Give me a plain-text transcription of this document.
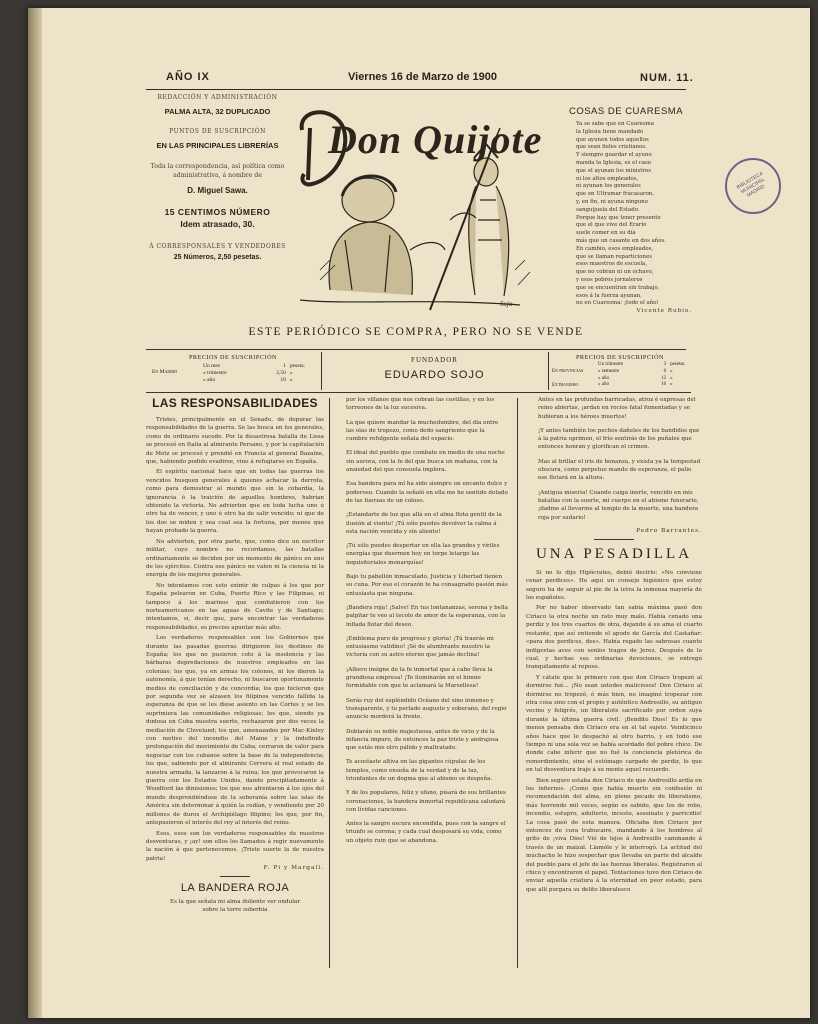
AÑO IX	Viernes 16 de Marzo de 1900	NUM. 11.
REDACCIÓN Y ADMINISTRACIÓN
PALMA ALTA, 32 DUPLICADO
PUNTOS DE SUSCRIPCIÓN
EN LAS PRINCIPALES LIBRERÍAS
Toda la correspondencia, así política como administrativa, á nombre de
D. Miguel Sawa.
15 CENTIMOS NÚMERO
Idem atrasado, 30.
Á CORRESPONSALES Y VENDEDORES
25 Números, 2,50 pesetas.
Don Quijote
Sojo
COSAS DE CUARESMA
Ya se sabe que en Cuaresma
la Iglesia tiene mandado
que ayunen todos aquellos
que sean fieles cristianos.
Y siempre guardar el ayuno
manda la Iglesia, es el caso
que el ayunan los ministros
ni los altos empleados,
ni ayunan los generales
que en Ultramar fracasaron,
y, en fin, ni ayuna ninguno
sanguijuela del Estado.
Porque hay que tener presente
que el que vive del Erario
suele comer en su día
más que un casante en dos años.
En cambio, esos empleados,
que se llaman reparticiones
esos maestros de escuela,
que no cobran ni un ochavo,
y esos pobres jornaleros
que se encuentran sin trabajo,
esos á la fuerza ayunan,
no en Cuaresma: ¡todo el año!
Vicente Rubio.
BIBLIOTECA MUNICIPAL MADRID
ESTE PERIÓDICO SE COMPRA, PERO NO SE VENDE
PRECIOS DE SUSCRIPCIÓN
En Madrid
Un mes	1 peseta.
» trimestre	2,50 »
» año	10 »
FUNDADOR
EDUARDO SOJO
PRECIOS DE SUSCRIPCIÓN
En provincias
Extranjero
Un trimestre	3 pesetas
» semestre	6 »
» año	12 »
» año	16 »
LAS RESPONSABILIDADES

Tristes, principalmente en el Senado, de depurar las responsabilidades de la guerra. Se las busca en los generales, como de ordinario sucede. Por la desastrosa batalla de Lissa se procesó en Italia al almirante Persano, y por la capitulación de Metz se procesó y prendió en Francia al general Bazaine, que, habiendo podido evadirse, vino á refugiarse en España.

El espíritu nacional hace que en todas las guerras los vencidos busquen generales á quienes achacar la derrota, como para demostrar al mundo que sin la cobardía, la ignorancia ó la traición de aquellos hombres, habrían obtenido la victoria. No advierten que en toda lucha uno ú otro ha de vencer, y uno ú otro ha de salir vencido; ni que de los dos se miden y sea cual sea la fortuna, por menos que hayan probado la guerra.

No advierten, por otra parte, que, como dice un escritor militar, cuyo nombre no recordamos, las batallas ordinariamente se deciden por un momento de pánico en uno de los ejércitos. Contra ese pánico no valen ni la ciencia ni la energía de los mejores generales.

No intentamos con esto eximir de culpas á los que por España pelearon en Cuba, Puerto Rico y las Filipinas, ni tampoco á los marinos que combatieron con los norteamericanos en las aguas de Cavite y de Santiago; intentamos, sí, decir que, para encontrar las verdaderas responsabilidades, es preciso apuntar más alto.

Los verdaderos responsables son los Gobiernos que durante las pasadas guerras dirigieron los destinos de España; los que no pusieron coto á la insolencia y las bárbaras depredaciones de nuestros empleados en las colonias; los que, ya en armas los colonos, ni los dieron la autonomía, á que tenían derecho, ni buscaron oportunamente medios de conciliación y de concordia; los que hicieron que por segunda vez se alzasen los filipinos vencido fallida la esperanza de que se les diese asiento en las Cortes y se les suprimiera las comunidades religiosas; los que, siendo ya dudosa en Cuba nuestra suerte, rechazaron por dos veces la mediación de Cleveland; los que, amenazados por Mac-Kinley con motivo del incendio del Maine y la indefinida prolongación del movimiento de Cuba, cerraron de valor para negociar con los cubanos sobre la base de la independencia; los que, sabiendo por el almirante Cervera el real estado de nuestra armada, la lanzaron á la ruina; los que provocaron la guerra con los Estados Unidos, dando precipitadamente á Woodford las dimisiones; los que nos afrentaron á los ojos del mundo desprendiéndose de la soberanía sobre las islas de América sin determinar á quién la cedían, y vendiendo por 20 millones de duros el Archipiélago filipino; los que, por fin, antepusieron el interés del rey al interés del reino.

Esos, esos son los verdaderos responsables de nuestros desventuras, y ¡ay! son ellos los llamados á regir nuevamente la nación á que pertenecemos. ¡Triste suerte la de nuestra patria!

F. Pi y Margall.
LA BANDERA ROJA
Es la que señala mi alma doliente ver ondular sobre la torre soberbia

por los villanos que nos cobran las costillas, y en los torreones de la luz sucesiva.

La que quiere mandar la muchedumbre, del día entre las olas de tropezo, como dedo sangriento que la cumbre refulgente señala del espacio.

El ideal del pueblo que combate en medio de una noche sin aurora, con la fe del que busca un mañana, con la ansiedad del que consuela implora.

Esa bandera para mí ha sido siempre un encanto dulce y poderoso. Cuando la señaló en ella me he sentido dotado de las fuerzas de un coloso.

¡Estandarte de luz que allá en el alma flota gentil de la ilusión al viento! ¡Tú sólo puedes devolver la calma á esta nación vencida y sin aliento!

¡Tú sólo puedes despertar en ella las grandes y viriles energías que duermen hoy en torpe letargo las inquisitoriales monarquías!

Bajo tu pabellón inmaculado, Justicia y Libertad tienen su cuna. Por eso el corazón te ha consagrado pasión más entusiasta que ninguna.

¡Bandera roja! ¡Salve! En tus lontananzas, serena y bella palpitar te veo al tecolo de amor de la esperanza, con la inflada flotar del deseo.

¡Emblema puro de progreso y gloria! ¡Tú traerás mi entusiasmo vatidino! ¡Sé de alumbrante nuestro la victoria con su astro eterno que jamás declina!

¡Albero insigne de la fe inmortal que á cabo lleva la grandiosa empresa! ¡Te iluminarán en el himno formidable con que te aclamará la Marsellesa!

Serás ruy del espléndido Océano del sino inmenso y transparente, y tu perlado augusto y soberano, del regio anuncio morderá la frente.

Doblarán su noble majestuosa, antes de vicio y de la infancia impuro, de entonces la paz triste y andrajosa que estás mis otro pálido y maltratado.

Te acostaste altiva en las gigantes cúpulas de los templos, como enseña de la verdad y de la luz, triunfantes de un dogma que al abismo se despeña.

Y de los populares, feliz y ufano, pisará de sus brillantes coronaciones, la bandera inmortal republicana saludará con lívidas canciones.

Antes la sangre oscura encendida, pues con la sangre el triunfo se corona; y cada cual desposará su vida, como un objeto ruin que se abandona.

Antes en las profundas barricadas, atroz é expresas del reino abiertas, ¡ardan en rocios fatal fomentadas y se hubieran a los héroes muertos!

¡Y antes también los pechos dañeles de los bandidos que á la patria oprimen, el frío sentirás de los puñales que entonces honran y glorifican el crimen.

Mas al brillar el iris de bonanza, y exista ya la tempestad obscura, como perpetuo mando de esperanza, el palio ese flotará en la altura.

¡Antigua miseria! Cuando caiga inerte, vencido en mis batallas con la suerte, mi cuerpo en el abismo funerario, ¡dadme al llevarme al templo de la muerte, una bandera roja por sudario!

Pedro Barrantes.
UNA PESADILLA

Si no lo dijo Hipócrates, debió decirlo: «No conviene cenar perdices». He aquí un consejo higiénico que estoy seguro ha de seguir al pie de la letra la inmensa mayoría de los españoles.

Por no haber observado tan sabia máxima pasó don Ciriaco la otra noche un rato muy malo. Había cenado una perdiz y los tres cuartos de otra, dejando á su ama el cuarto restante, que así entiende el apodo de García del Castañar: «para dos perdices, dos». Había regado las sabrosas cuanto indigestas aves con senlos tragos de Jerez. Después de lo cual, y hechas sus ordinarias devociones, se entregó tranquilamente al reposo.

Y cátate que lo primero con que don Ciriaco tropezó al dormirse fué... ¡No sean ustedes maliciosos! Don Ciriaco al dormirse no tropezó, ó más bien, no imaginó tropezar con otra cosa sino con el propio y auténtico Andresillo, su antiguo vecino y feligrés, un liberalote sacrificado por orden suya durante la última guerra civil. ¡Bendito Dios! Es lo que menos pensaba don Ciriaco era en el tal sujeto. Veinticinco años hace que le despachó al otro barrio, y en todo ese tiempo ni una sola vez se había acordado del pobre chico. De donde cabe inferir que no fué la conciencia pletórica de remordimiento, sino el estómago cargado de perdiz, lo que en tal desventura trajo á su mente aquel recuerdo.

Bien seguro estaba don Ciriaco de que Andresillo ardía en los infiernos. ¡Como que había muerto sin confesión ni recomendación del alma, en pleno pecado de liberalismo, más horrendo mil veces, según es sabido, que los de robo, incendio, estupro, adulterio, incesto, asesinato y parricidio! La cosa pasó de esta manera. Oficiaba don Ciriaco por entonces de cura trabucaire, mandando á los hombres al grito de ¡viva Dios! Vió de lejos á Andresillo caminando á través de un maizal. Llamóle y le interrogó. La actitud del muchacho le hizo sospechar que llevaba un parte del alcalde del pueblo para el jefe de las fuerzas liberales. Registraron al chico y encontraron el papel. Tentaciones tuvo don Ciriaco de enviar aquella criatura á la eternidad en peor estado, para que allí purgara su delito liberalesco
